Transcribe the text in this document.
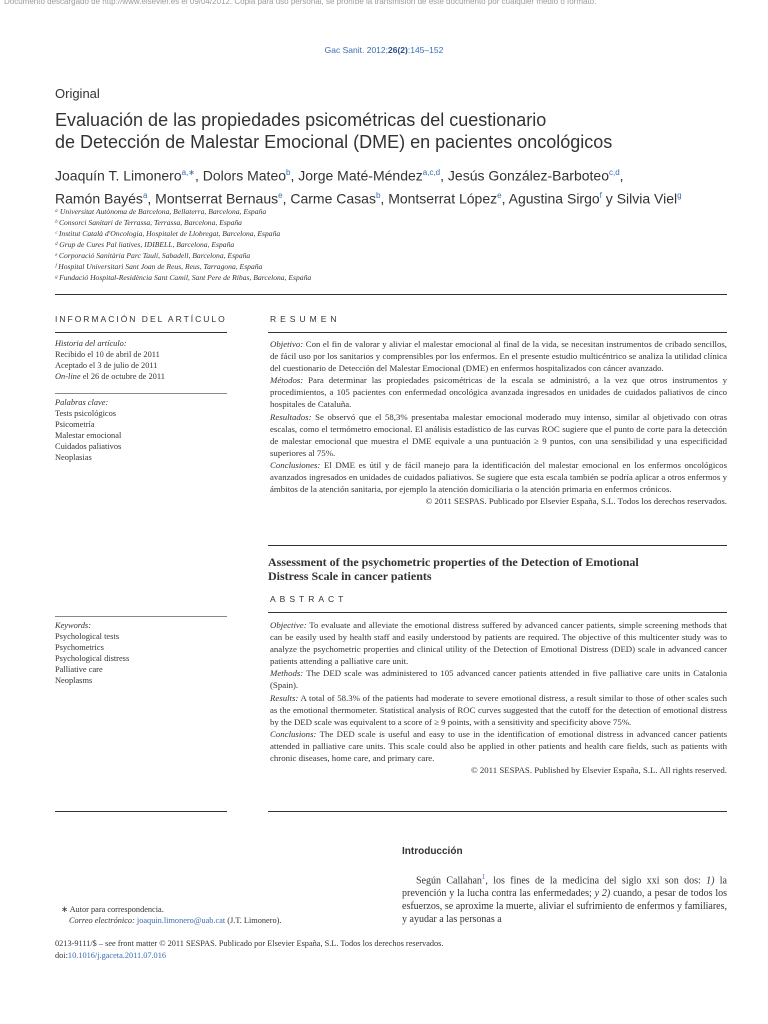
Documento descargado de http://www.elsevier.es el 09/04/2012. Copia para uso personal, se prohíbe la transmisión de este documento por cualquier medio o formato.
Gac Sanit. 2012;26(2):145–152
Original
Evaluación de las propiedades psicométricas del cuestionario
de Detección de Malestar Emocional (DME) en pacientes oncológicos
Joaquín T. Limonero$^{a,∗}$, Dolors Mateo$^b$, Jorge Maté-Méndez$^{a,c,d}$, Jesús González-Barboteo$^{c,d}$,
Ramón Bayés$^a$, Montserrat Bernaus$^e$, Carme Casas$^b$, Montserrat López$^e$, Agustina Sirgo$^f$ y Silvia Viel$^g$
ᵃ Universitat Autònoma de Barcelona, Bellaterra, Barcelona, España
ᵇ Consorci Sanitari de Terrassa, Terrassa, Barcelona, España
ᶜ Institut Català d'Oncologia, Hospitalet de Llobregat, Barcelona, España
ᵈ Grup de Cures Pal liatives, IDIBELL, Barcelona, España
ᵉ Corporació Sanitària Parc Taulí, Sabadell, Barcelona, España
ᶠ Hospital Universitari Sant Joan de Reus, Reus, Tarragona, España
ᵍ Fundació Hospital-Residència Sant Camil, Sant Pere de Ribas, Barcelona, España
INFORMACIÓN DEL ARTÍCULO
Historia del artículo:
Recibido el 10 de abril de 2011
Aceptado el 3 de julio de 2011
On-line el 26 de octubre de 2011
Palabras clave:
Tests psicológicos
Psicometría
Malestar emocional
Cuidados paliativos
Neoplasias
Keywords:
Psychological tests
Psychometrics
Psychological distress
Palliative care
Neoplasms
RESUMEN

Objetivo: Con el fin de valorar y aliviar el malestar emocional al final de la vida, se necesitan instrumentos de cribado sencillos, de fácil uso por los sanitarios y comprensibles por los enfermos. En el presente estudio multicéntrico se analiza la utilidad clínica del cuestionario de Detección del Malestar Emocional (DME) en enfermos hospitalizados con cáncer avanzado.

Métodos: Para determinar las propiedades psicométricas de la escala se administró, a la vez que otros instrumentos y procedimientos, a 105 pacientes con enfermedad oncológica avanzada ingresados en unidades de cuidados paliativos de cinco hospitales de Cataluña.

Resultados: Se observó que el 58,3% presentaba malestar emocional moderado muy intenso, similar al objetivado con otras escalas, como el termómetro emocional. El análisis estadístico de las curvas ROC sugiere que el punto de corte para la detección de malestar emocional que muestra el DME equivale a una puntuación ≥ 9 puntos, con una sensibilidad y una especificidad superiores al 75%.

Conclusiones: El DME es útil y de fácil manejo para la identificación del malestar emocional en los enfermos oncológicos avanzados ingresados en unidades de cuidados paliativos. Se sugiere que esta escala también se podría aplicar a otros enfermos y ámbitos de la atención sanitaria, por ejemplo la atención domiciliaria o la atención primaria en enfermos crónicos.

© 2011 SESPAS. Publicado por Elsevier España, S.L. Todos los derechos reservados.

Assessment of the psychometric properties of the Detection of Emotional
Distress Scale in cancer patients
ABSTRACT

Objective: To evaluate and alleviate the emotional distress suffered by advanced cancer patients, simple screening methods that can be easily used by health staff and easily understood by patients are required. The objective of this multicenter study was to analyze the psychometric properties and clinical utility of the Detection of Emotional Distress (DED) scale in advanced cancer patients attending a palliative care unit.

Methods: The DED scale was administered to 105 advanced cancer patients attended in five palliative care units in Catalonia (Spain).

Results: A total of 58.3% of the patients had moderate to severe emotional distress, a result similar to those of other scales such as the emotional thermometer. Statistical analysis of ROC curves suggested that the cutoff for the detection of emotional distress by the DED scale was equivalent to a score of ≥ 9 points, with a sensitivity and specificity above 75%.

Conclusions: The DED scale is useful and easy to use in the identification of emotional distress in advanced cancer patients attended in palliative care units. This scale could also be applied in other patients and health care fields, such as patients with chronic diseases, home care, and primary care.

© 2011 SESPAS. Published by Elsevier España, S.L. All rights reserved.

Introducción

Según Callahan$^1$, los fines de la medicina del siglo xxi son dos: 1) la prevención y la lucha contra las enfermedades; y 2) cuando, a pesar de todos los esfuerzos, se aproxime la muerte, aliviar el sufrimiento de enfermos y familiares, y ayudar a las personas a

∗ Autor para correspondencia.
Correo electrónico: joaquin.limonero@uab.cat (J.T. Limonero).
0213-9111/$ – see front matter © 2011 SESPAS. Publicado por Elsevier España, S.L. Todos los derechos reservados.
doi:10.1016/j.gaceta.2011.07.016
